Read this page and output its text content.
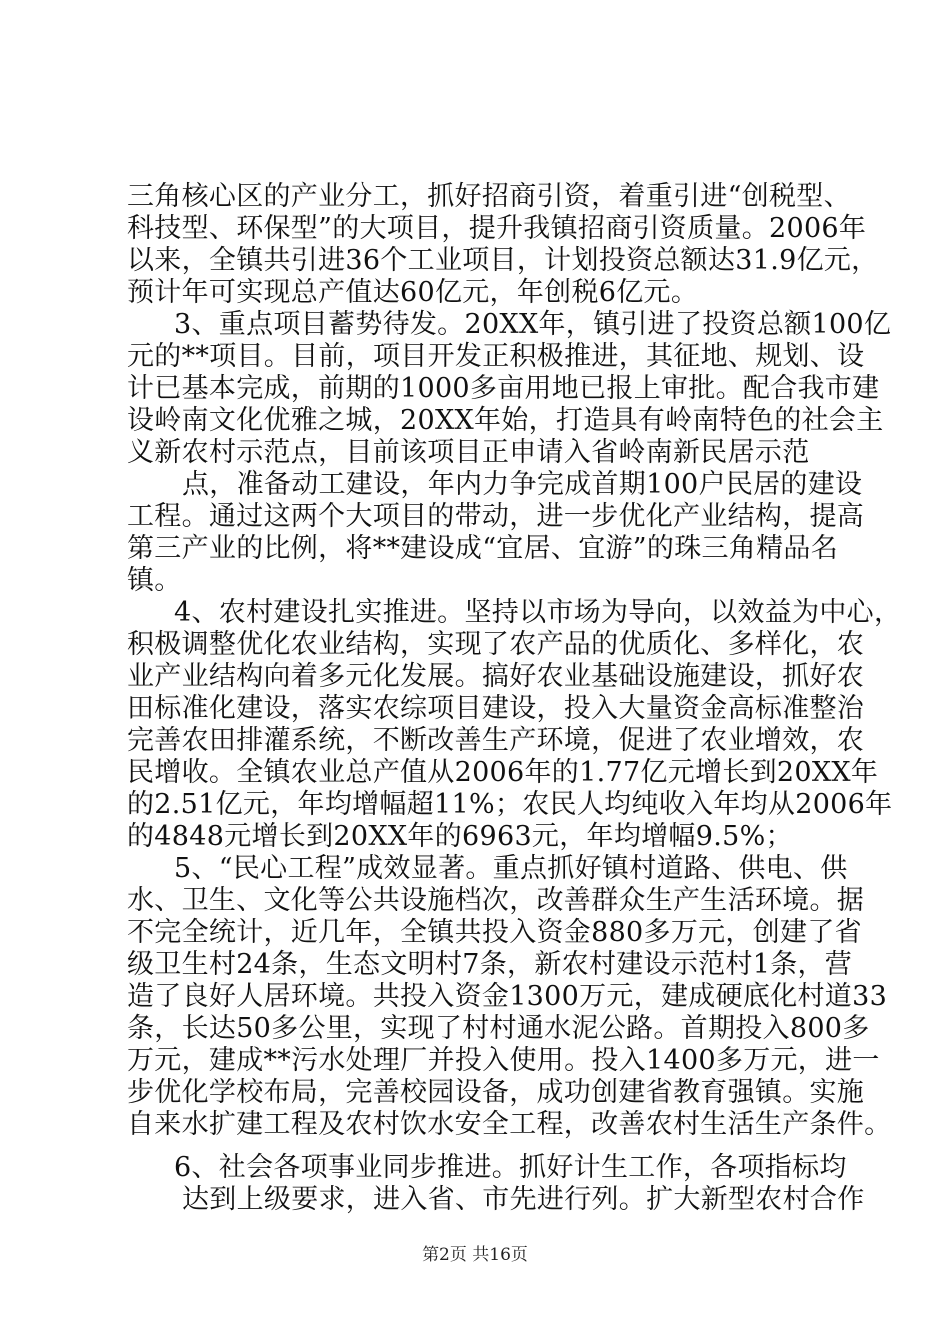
三角核心区的产业分工，抓好招商引资，着重引进“创税型、
科技型、环保型”的大项目，提升我镇招商引资质量。2006年
以来，全镇共引进36个工业项目，计划投资总额达31.9亿元，
预计年可实现总产值达60亿元，年创税6亿元。
3、重点项目蓄势待发。20XX年，镇引进了投资总额100亿
元的**项目。目前，项目开发正积极推进，其征地、规划、设
计已基本完成，前期的1000多亩用地已报上审批。配合我市建
设岭南文化优雅之城，20XX年始，打造具有岭南特色的社会主
义新农村示范点，目前该项目正申请入省岭南新民居示范
点，准备动工建设，年内力争完成首期100户民居的建设
工程。通过这两个大项目的带动，进一步优化产业结构，提高
第三产业的比例，将**建设成“宜居、宜游”的珠三角精品名
镇。
4、农村建设扎实推进。坚持以市场为导向，以效益为中心，
积极调整优化农业结构，实现了农产品的优质化、多样化，农
业产业结构向着多元化发展。搞好农业基础设施建设，抓好农
田标准化建设，落实农综项目建设，投入大量资金高标准整治
完善农田排灌系统，不断改善生产环境，促进了农业增效，农
民增收。全镇农业总产值从2006年的1.77亿元增长到20XX年
的2.51亿元，年均增幅超11%；农民人均纯收入年均从2006年
的4848元增长到20XX年的6963元，年均增幅9.5%；
5、“民心工程”成效显著。重点抓好镇村道路、供电、供
水、卫生、文化等公共设施档次，改善群众生产生活环境。据
不完全统计，近几年，全镇共投入资金880多万元，创建了省
级卫生村24条，生态文明村7条，新农村建设示范村1条，营
造了良好人居环境。共投入资金1300万元，建成硬底化村道33
条，长达50多公里，实现了村村通水泥公路。首期投入800多
万元，建成**污水处理厂并投入使用。投入1400多万元，进一
步优化学校布局，完善校园设备，成功创建省教育强镇。实施
自来水扩建工程及农村饮水安全工程，改善农村生活生产条件。
6、社会各项事业同步推进。抓好计生工作，各项指标均
达到上级要求，进入省、市先进行列。扩大新型农村合作
第2页 共16页
